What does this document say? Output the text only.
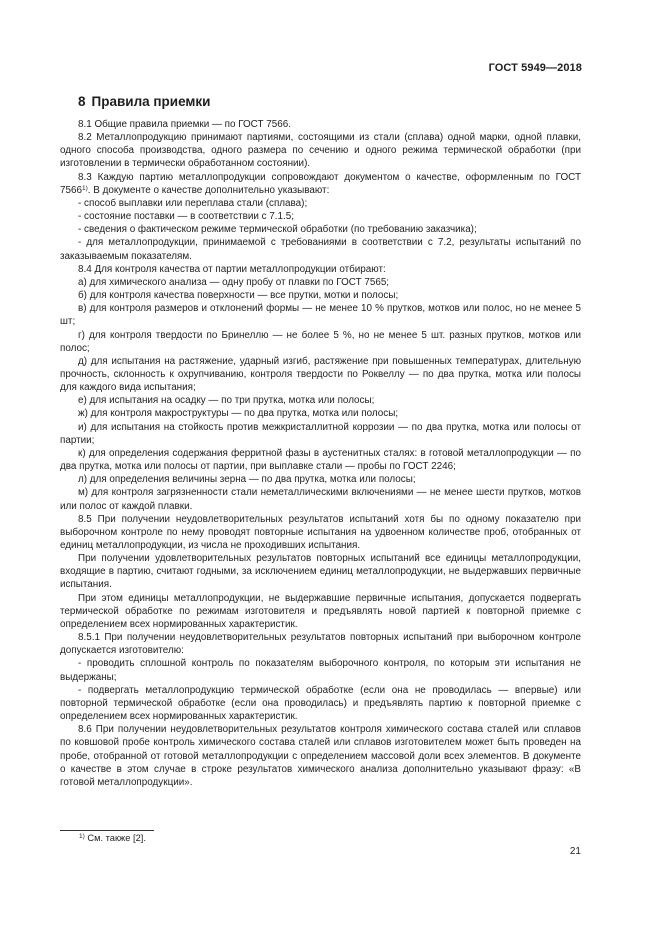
ГОСТ 5949—2018
8 Правила приемки

8.1 Общие правила приемки — по ГОСТ 7566.

8.2 Металлопродукцию принимают партиями, состоящими из стали (сплава) одной марки, одной плавки, одного способа производства, одного размера по сечению и одного режима термической обработки (при изготовлении в термически обработанном состоянии).

8.3 Каждую партию металлопродукции сопровождают документом о качестве, оформленным по ГОСТ 7566$^{1)}$. В документе о качестве дополнительно указывают:

- способ выплавки или переплава стали (сплава);

- состояние поставки — в соответствии с 7.1.5;

- сведения о фактическом режиме термической обработки (по требованию заказчика);

- для металлопродукции, принимаемой с требованиями в соответствии с 7.2, результаты испытаний по заказываемым показателям.

8.4 Для контроля качества от партии металлопродукции отбирают:

а) для химического анализа — одну пробу от плавки по ГОСТ 7565;

б) для контроля качества поверхности — все прутки, мотки и полосы;

в) для контроля размеров и отклонений формы — не менее 10 % прутков, мотков или полос, но не менее 5 шт;

г) для контроля твердости по Бринеллю — не более 5 %, но не менее 5 шт. разных прутков, мотков или полос;

д) для испытания на растяжение, ударный изгиб, растяжение при повышенных температурах, длительную прочность, склонность к охрупчиванию, контроля твердости по Роквеллу — по два прутка, мотка или полосы для каждого вида испытания;

е) для испытания на осадку — по три прутка, мотка или полосы;

ж) для контроля макроструктуры — по два прутка, мотка или полосы;

и) для испытания на стойкость против межкристаллитной коррозии — по два прутка, мотка или полосы от партии;

к) для определения содержания ферритной фазы в аустенитных сталях: в готовой металлопродукции — по два прутка, мотка или полосы от партии, при выплавке стали — пробы по ГОСТ 2246;

л) для определения величины зерна — по два прутка, мотка или полосы;

м) для контроля загрязненности стали неметаллическими включениями — не менее шести прутков, мотков или полос от каждой плавки.

8.5 При получении неудовлетворительных результатов испытаний хотя бы по одному показателю при выборочном контроле по нему проводят повторные испытания на удвоенном количестве проб, отобранных от единиц металлопродукции, из числа не проходивших испытания.

При получении удовлетворительных результатов повторных испытаний все единицы металлопродукции, входящие в партию, считают годными, за исключением единиц металлопродукции, не выдержавших первичные испытания.

При этом единицы металлопродукции, не выдержавшие первичные испытания, допускается подвергать термической обработке по режимам изготовителя и предъявлять новой партией к повторной приемке с определением всех нормированных характеристик.

8.5.1 При получении неудовлетворительных результатов повторных испытаний при выборочном контроле допускается изготовителю:

- проводить сплошной контроль по показателям выборочного контроля, по которым эти испытания не выдержаны;

- подвергать металлопродукцию термической обработке (если она не проводилась — впервые) или повторной термической обработке (если она проводилась) и предъявлять партию к повторной приемке с определением всех нормированных характеристик.

8.6 При получении неудовлетворительных результатов контроля химического состава сталей или сплавов по ковшовой пробе контроль химического состава сталей или сплавов изготовителем может быть проведен на пробе, отобранной от готовой металлопродукции с определением массовой доли всех элементов. В документе о качестве в этом случае в строке результатов химического анализа дополнительно указывают фразу: «В готовой металлопродукции».

$^{1)}$ См. также [2].
21
